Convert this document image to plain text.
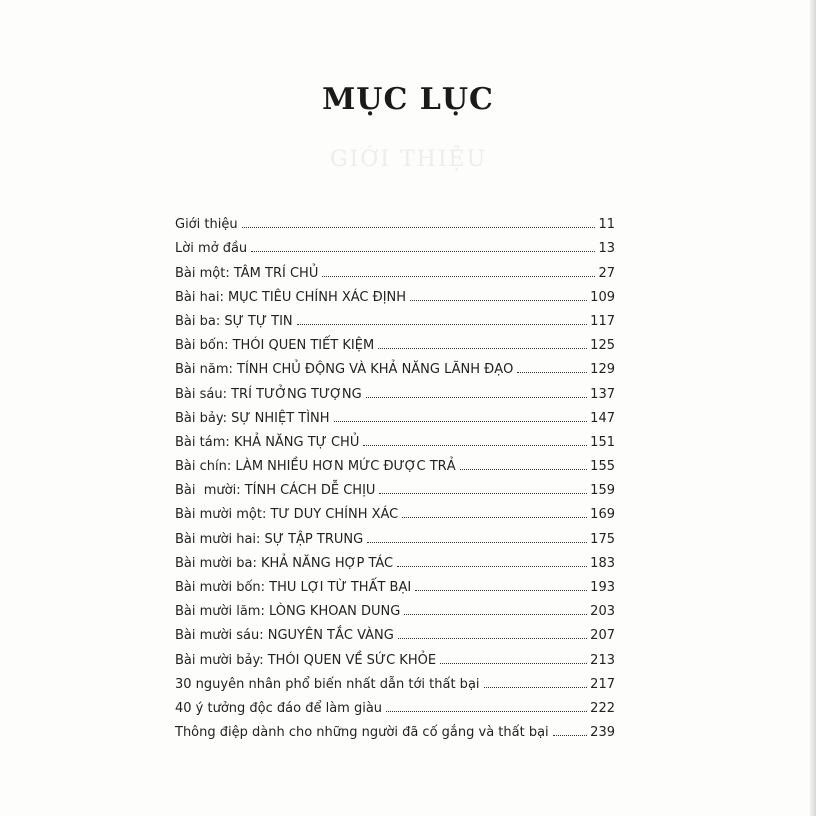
MỤC LỤC
GIỚI THIỆU
Giới thiệu	11
Lời mở đầu	13
Bài một: TÂM TRÍ CHỦ	27
Bài hai: MỤC TIÊU CHÍNH XÁC ĐỊNH	109
Bài ba: SỰ TỰ TIN	117
Bài bốn: THÓI QUEN TIẾT KIỆM	125
Bài năm: TÍNH CHỦ ĐỘNG VÀ KHẢ NĂNG LÃNH ĐẠO	129
Bài sáu: TRÍ TƯỞNG TƯỢNG	137
Bài bảy: SỰ NHIỆT TÌNH	147
Bài tám: KHẢ NĂNG TỰ CHỦ	151
Bài chín: LÀM NHIỀU HƠN MỨC ĐƯỢC TRẢ	155
Bài  mười: TÍNH CÁCH DỄ CHỊU	159
Bài mười một: TƯ DUY CHÍNH XÁC	169
Bài mười hai: SỰ TẬP TRUNG	175
Bài mười ba: KHẢ NĂNG HỢP TÁC	183
Bài mười bốn: THU LỢI TỪ THẤT BẠI	193
Bài mười lăm: LÒNG KHOAN DUNG	203
Bài mười sáu: NGUYÊN TẮC VÀNG	207
Bài mười bảy: THÓI QUEN VỀ SỨC KHỎE	213
30 nguyên nhân phổ biến nhất dẫn tới thất bại	217
40 ý tưởng độc đáo để làm giàu	222
Thông điệp dành cho những người đã cố gắng và thất bại	239
